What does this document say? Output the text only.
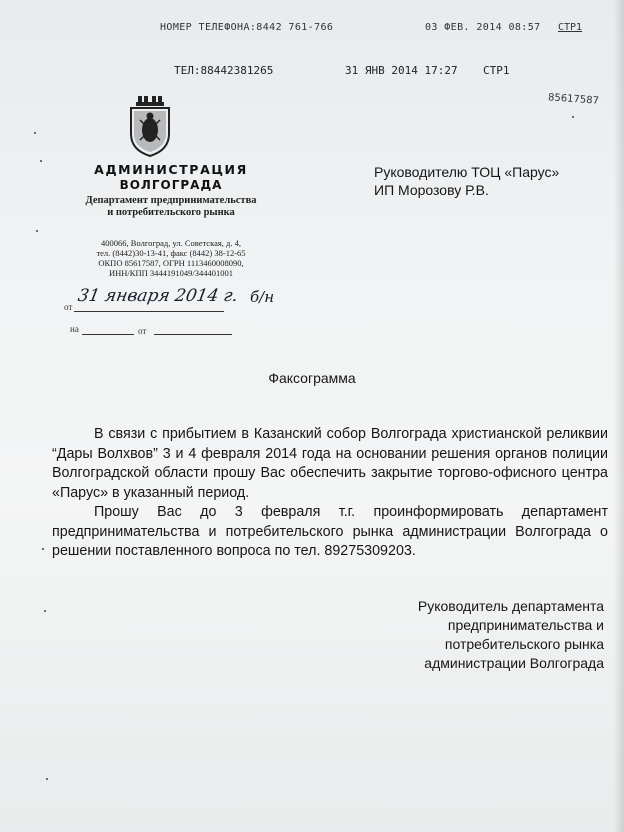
НОМЕР ТЕЛЕФОНА:8442 761-766	03 ФЕВ. 2014 08:57 СТР1
ТЕЛ:88442381265	31 ЯНВ 2014 17:27 СТР1
85617587
АДМИНИСТРАЦИЯ
ВОЛГОГРАДА
Департамент предпринимательства
и потребительского рынка
400066, Волгоград, ул. Советская, д. 4,
тел. (8442)30-13-41, факс (8442) 38-12-65
ОКПО 85617587, ОГРН 1113460008090,
ИНН/КПП 3444191049/344401001
от
31 января 2014 г. б/н
на	от
Руководителю ТОЦ «Парус»
ИП Морозову Р.В.
Факсограмма

В связи с прибытием в Казанский собор Волгограда христианской реликвии “Дары Волхвов” 3 и 4 февраля 2014 года на основании решения органов полиции Волгоградской области прошу Вас обеспечить закрытие торгово-офисного центра «Парус» в указанный период.

Прошу Вас до 3 февраля т.г. проинформировать департамент предпринимательства и потребительского рынка администрации Волгограда о решении поставленного вопроса по тел. 89275309203.

Руководитель департамента
предпринимательства и
потребительского рынка
администрации Волгограда
